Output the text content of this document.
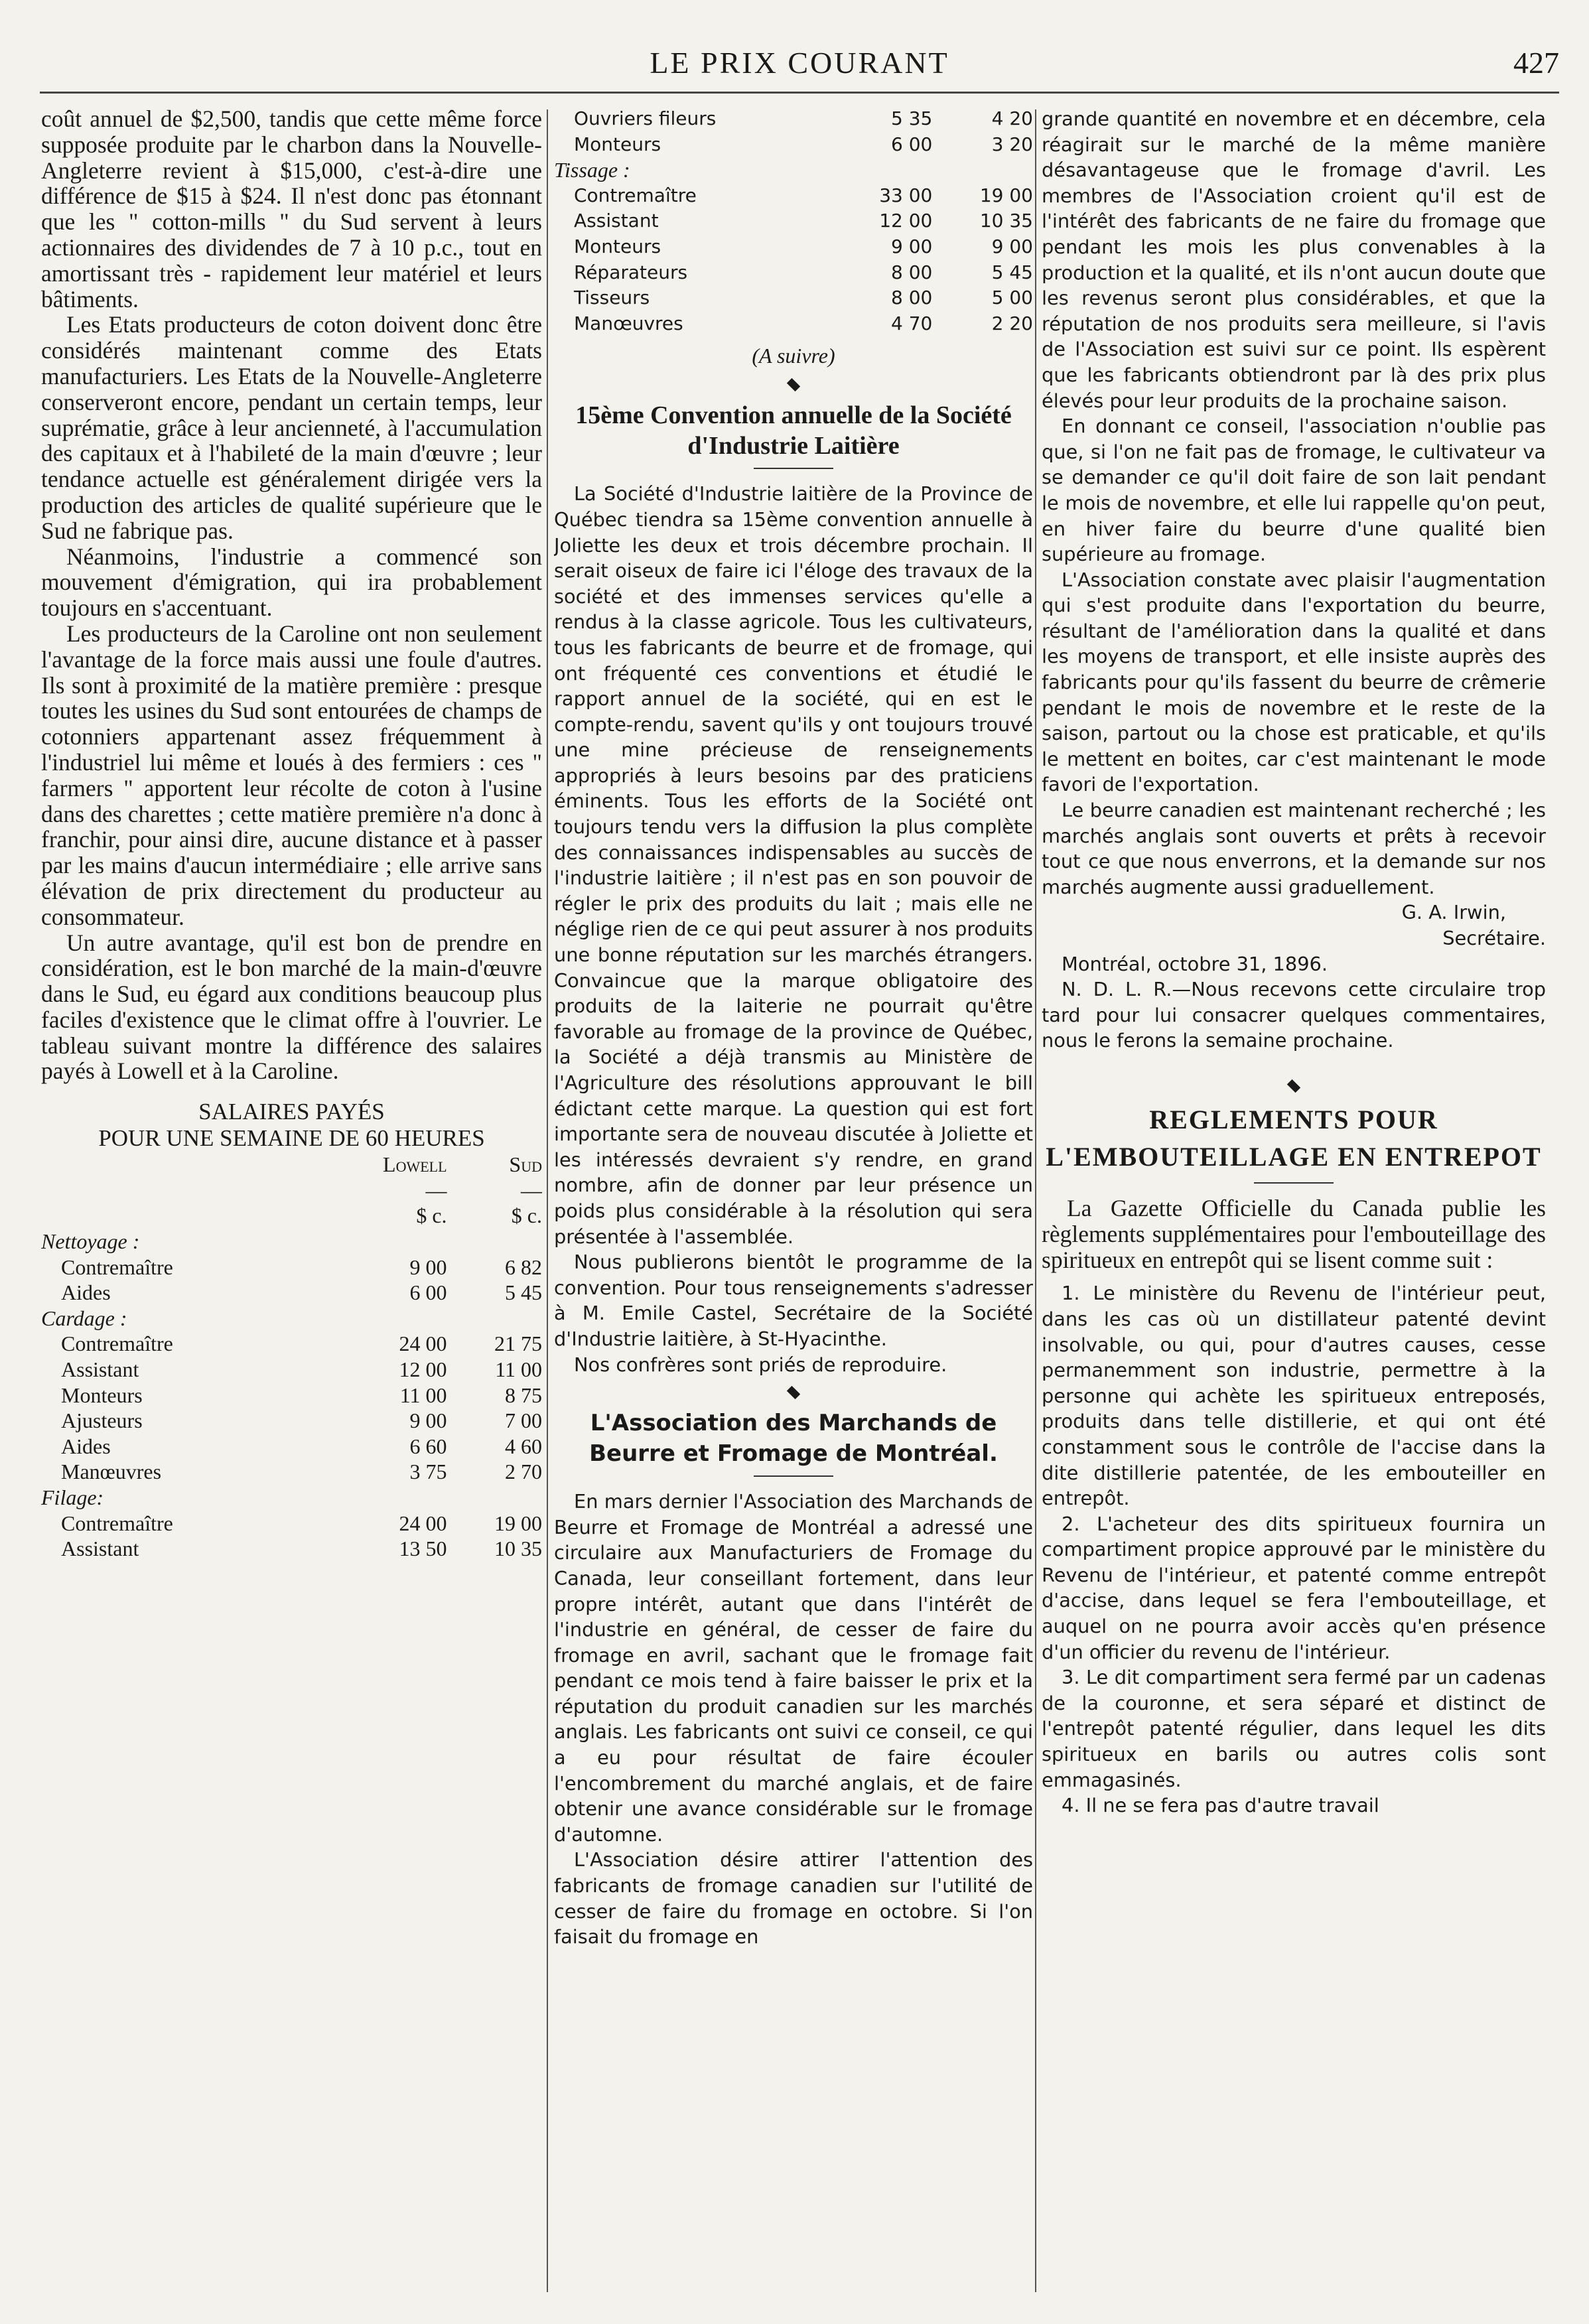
LE PRIX COURANT	427

coût annuel de $2,500, tandis que cette même force supposée produite par le charbon dans la Nouvelle-Angleterre revient à $15,000, c'est-à-dire une différence de $15 à $24. Il n'est donc pas étonnant que les " cotton-mills " du Sud servent à leurs actionnaires des dividendes de 7 à 10 p.c., tout en amortissant très - rapidement leur matériel et leurs bâtiments.

Les Etats producteurs de coton doivent donc être considérés maintenant comme des Etats manufacturiers. Les Etats de la Nouvelle-Angleterre conserveront encore, pendant un certain temps, leur suprématie, grâce à leur ancienneté, à l'accumulation des capitaux et à l'habileté de la main d'œuvre ; leur tendance actuelle est généralement dirigée vers la production des articles de qualité supérieure que le Sud ne fabrique pas.

Néanmoins, l'industrie a commencé son mouvement d'émigration, qui ira probablement toujours en s'accentuant.

Les producteurs de la Caroline ont non seulement l'avantage de la force mais aussi une foule d'autres. Ils sont à proximité de la matière première : presque toutes les usines du Sud sont entourées de champs de cotonniers appartenant assez fréquemment à l'industriel lui même et loués à des fermiers : ces " farmers " apportent leur récolte de coton à l'usine dans des charettes ; cette matière première n'a donc à franchir, pour ainsi dire, aucune distance et à passer par les mains d'aucun intermédiaire ; elle arrive sans élévation de prix directement du producteur au consommateur.

Un autre avantage, qu'il est bon de prendre en considération, est le bon marché de la main-d'œuvre dans le Sud, eu égard aux conditions beaucoup plus faciles d'existence que le climat offre à l'ouvrier. Le tableau suivant montre la différence des salaires payés à Lowell et à la Caroline.

SALAIRES PAYÉS
POUR UNE SEMAINE DE 60 HEURES
	Lowell	Sud
	—	—
	$ c.	$ c.
Nettoyage :		
Contremaître	9 00	6 82
Aides	6 00	5 45
Cardage :		
Contremaître	24 00	21 75
Assistant	12 00	11 00
Monteurs	11 00	8 75
Ajusteurs	9 00	7 00
Aides	6 60	4 60
Manœuvres	3 75	2 70
Filage:		
Contremaître	24 00	19 00
Assistant	13 50	10 35
Ouvriers fileurs	5 35	4 20
Monteurs	6 00	3 20
Tissage :		
Contremaître	33 00	19 00
Assistant	12 00	10 35
Monteurs	9 00	9 00
Réparateurs	8 00	5 45
Tisseurs	8 00	5 00
Manœuvres	4 70	2 20
(A suivre)
15ème Convention annuelle de la Société d'Industrie Laitière

La Société d'Industrie laitière de la Province de Québec tiendra sa 15ème convention annuelle à Joliette les deux et trois décembre prochain. Il serait oiseux de faire ici l'éloge des travaux de la société et des immenses services qu'elle a rendus à la classe agricole. Tous les cultivateurs, tous les fabricants de beurre et de fromage, qui ont fréquenté ces conventions et étudié le rapport annuel de la société, qui en est le compte-rendu, savent qu'ils y ont toujours trouvé une mine précieuse de renseignements appropriés à leurs besoins par des praticiens éminents. Tous les efforts de la Société ont toujours tendu vers la diffusion la plus complète des connaissances indispensables au succès de l'industrie laitière ; il n'est pas en son pouvoir de régler le prix des produits du lait ; mais elle ne néglige rien de ce qui peut assurer à nos produits une bonne réputation sur les marchés étrangers. Convaincue que la marque obligatoire des produits de la laiterie ne pourrait qu'être favorable au fromage de la province de Québec, la Société a déjà transmis au Ministère de l'Agriculture des résolutions approuvant le bill édictant cette marque. La question qui est fort importante sera de nouveau discutée à Joliette et les intéressés devraient s'y rendre, en grand nombre, afin de donner par leur présence un poids plus considérable à la résolution qui sera présentée à l'assemblée.

Nous publierons bientôt le programme de la convention. Pour tous renseignements s'adresser à M. Emile Castel, Secrétaire de la Société d'Industrie laitière, à St-Hyacinthe.

Nos confrères sont priés de reproduire.

L'Association des Marchands de Beurre et Fromage de Montréal.

En mars dernier l'Association des Marchands de Beurre et Fromage de Montréal a adressé une circulaire aux Manufacturiers de Fromage du Canada, leur conseillant fortement, dans leur propre intérêt, autant que dans l'intérêt de l'industrie en général, de cesser de faire du fromage en avril, sachant que le fromage fait pendant ce mois tend à faire baisser le prix et la réputation du produit canadien sur les marchés anglais. Les fabricants ont suivi ce conseil, ce qui a eu pour résultat de faire écouler l'encombrement du marché anglais, et de faire obtenir une avance considérable sur le fromage d'automne.

L'Association désire attirer l'attention des fabricants de fromage canadien sur l'utilité de cesser de faire du fromage en octobre. Si l'on faisait du fromage en

grande quantité en novembre et en décembre, cela réagirait sur le marché de la même manière désavantageuse que le fromage d'avril. Les membres de l'Association croient qu'il est de l'intérêt des fabricants de ne faire du fromage que pendant les mois les plus convenables à la production et la qualité, et ils n'ont aucun doute que les revenus seront plus considérables, et que la réputation de nos produits sera meilleure, si l'avis de l'Association est suivi sur ce point. Ils espèrent que les fabricants obtiendront par là des prix plus élevés pour leur produits de la prochaine saison.

En donnant ce conseil, l'association n'oublie pas que, si l'on ne fait pas de fromage, le cultivateur va se demander ce qu'il doit faire de son lait pendant le mois de novembre, et elle lui rappelle qu'on peut, en hiver faire du beurre d'une qualité bien supérieure au fromage.

L'Association constate avec plaisir l'augmentation qui s'est produite dans l'exportation du beurre, résultant de l'amélioration dans la qualité et dans les moyens de transport, et elle insiste auprès des fabricants pour qu'ils fassent du beurre de crêmerie pendant le mois de novembre et le reste de la saison, partout ou la chose est praticable, et qu'ils le mettent en boites, car c'est maintenant le mode favori de l'exportation.

Le beurre canadien est maintenant recherché ; les marchés anglais sont ouverts et prêts à recevoir tout ce que nous enverrons, et la demande sur nos marchés augmente aussi graduellement.

G. A. Irwin,

Secrétaire.

Montréal, octobre 31, 1896.

N. D. L. R.—Nous recevons cette circulaire trop tard pour lui consacrer quelques commentaires, nous le ferons la semaine prochaine.

REGLEMENTS POUR L'EMBOUTEILLAGE EN ENTREPOT

La Gazette Officielle du Canada publie les règlements supplémentaires pour l'embouteillage des spiritueux en entrepôt qui se lisent comme suit :

1. Le ministère du Revenu de l'intérieur peut, dans les cas où un distillateur patenté devint insolvable, ou qui, pour d'autres causes, cesse permanemment son industrie, permettre à la personne qui achète les spiritueux entreposés, produits dans telle distillerie, et qui ont été constamment sous le contrôle de l'accise dans la dite distillerie patentée, de les embouteiller en entrepôt.

2. L'acheteur des dits spiritueux fournira un compartiment propice approuvé par le ministère du Revenu de l'intérieur, et patenté comme entrepôt d'accise, dans lequel se fera l'embouteillage, et auquel on ne pourra avoir accès qu'en présence d'un officier du revenu de l'intérieur.

3. Le dit compartiment sera fermé par un cadenas de la couronne, et sera séparé et distinct de l'entrepôt patenté régulier, dans lequel les dits spiritueux en barils ou autres colis sont emmagasinés.

4. Il ne se fera pas d'autre travail
